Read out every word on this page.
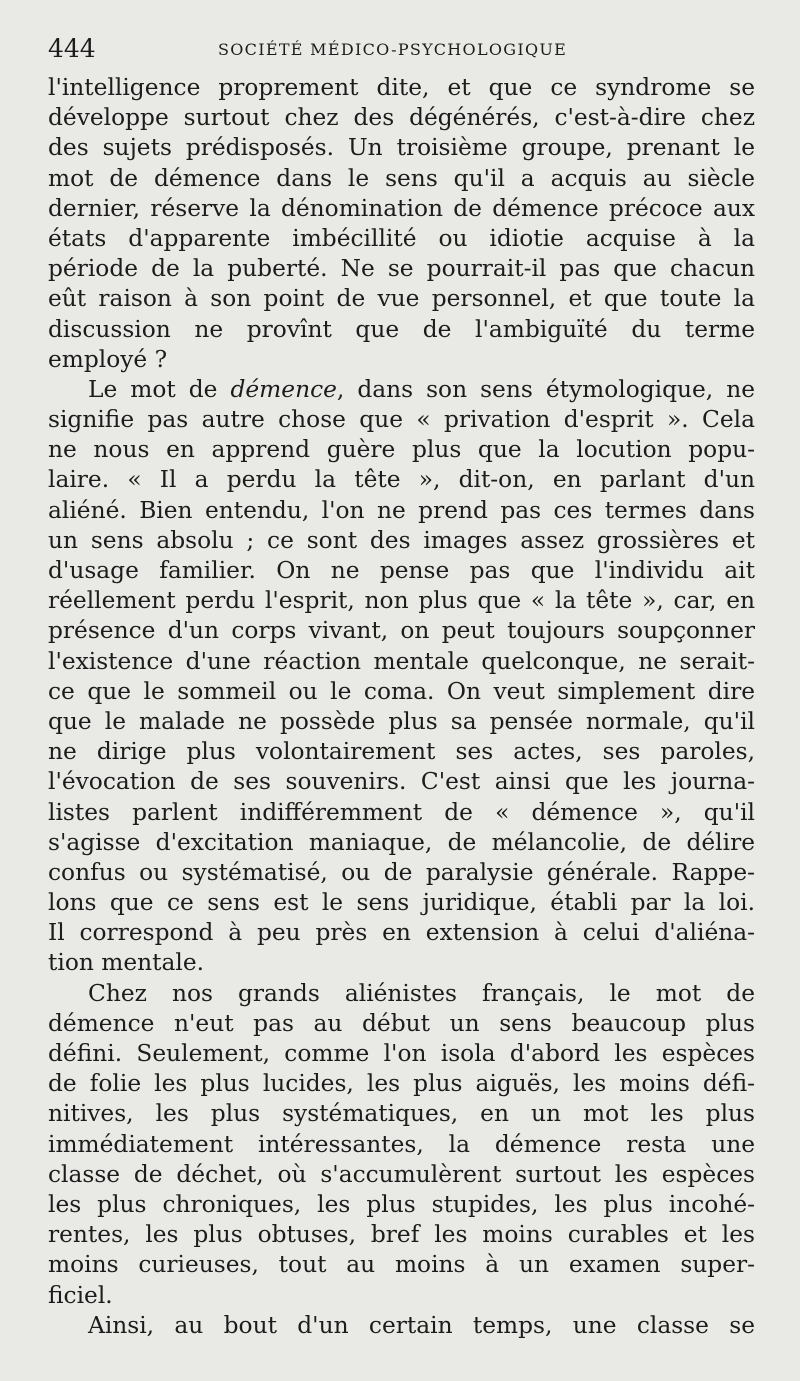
444	SOCIÉTÉ MÉDICO-PSYCHOLOGIQUE
l'intelligence proprement dite, et que ce syndrome se
développe surtout chez des dégénérés, c'est-à-dire chez
des sujets prédisposés. Un troisième groupe, prenant le
mot de démence dans le sens qu'il a acquis au siècle
dernier, réserve la dénomination de démence précoce aux
états d'apparente imbécillité ou idiotie acquise à la
période de la puberté. Ne se pourrait-il pas que chacun
eût raison à son point de vue personnel, et que toute la
discussion ne provînt que de l'ambiguïté du terme
employé ?
Le mot de démence, dans son sens étymologique, ne
signifie pas autre chose que « privation d'esprit ». Cela
ne nous en apprend guère plus que la locution popu-
laire. « Il a perdu la tête », dit-on, en parlant d'un
aliéné. Bien entendu, l'on ne prend pas ces termes dans
un sens absolu ; ce sont des images assez grossières et
d'usage familier. On ne pense pas que l'individu ait
réellement perdu l'esprit, non plus que « la tête », car, en
présence d'un corps vivant, on peut toujours soupçonner
l'existence d'une réaction mentale quelconque, ne serait-
ce que le sommeil ou le coma. On veut simplement dire
que le malade ne possède plus sa pensée normale, qu'il
ne dirige plus volontairement ses actes, ses paroles,
l'évocation de ses souvenirs. C'est ainsi que les journa-
listes parlent indifféremment de « démence », qu'il
s'agisse d'excitation maniaque, de mélancolie, de délire
confus ou systématisé, ou de paralysie générale. Rappe-
lons que ce sens est le sens juridique, établi par la loi.
Il correspond à peu près en extension à celui d'aliéna-
tion mentale.
Chez nos grands aliénistes français, le mot de
démence n'eut pas au début un sens beaucoup plus
défini. Seulement, comme l'on isola d'abord les espèces
de folie les plus lucides, les plus aiguës, les moins défi-
nitives, les plus systématiques, en un mot les plus
immédiatement intéressantes, la démence resta une
classe de déchet, où s'accumulèrent surtout les espèces
les plus chroniques, les plus stupides, les plus incohé-
rentes, les plus obtuses, bref les moins curables et les
moins curieuses, tout au moins à un examen super-
ficiel.
Ainsi, au bout d'un certain temps, une classe se
